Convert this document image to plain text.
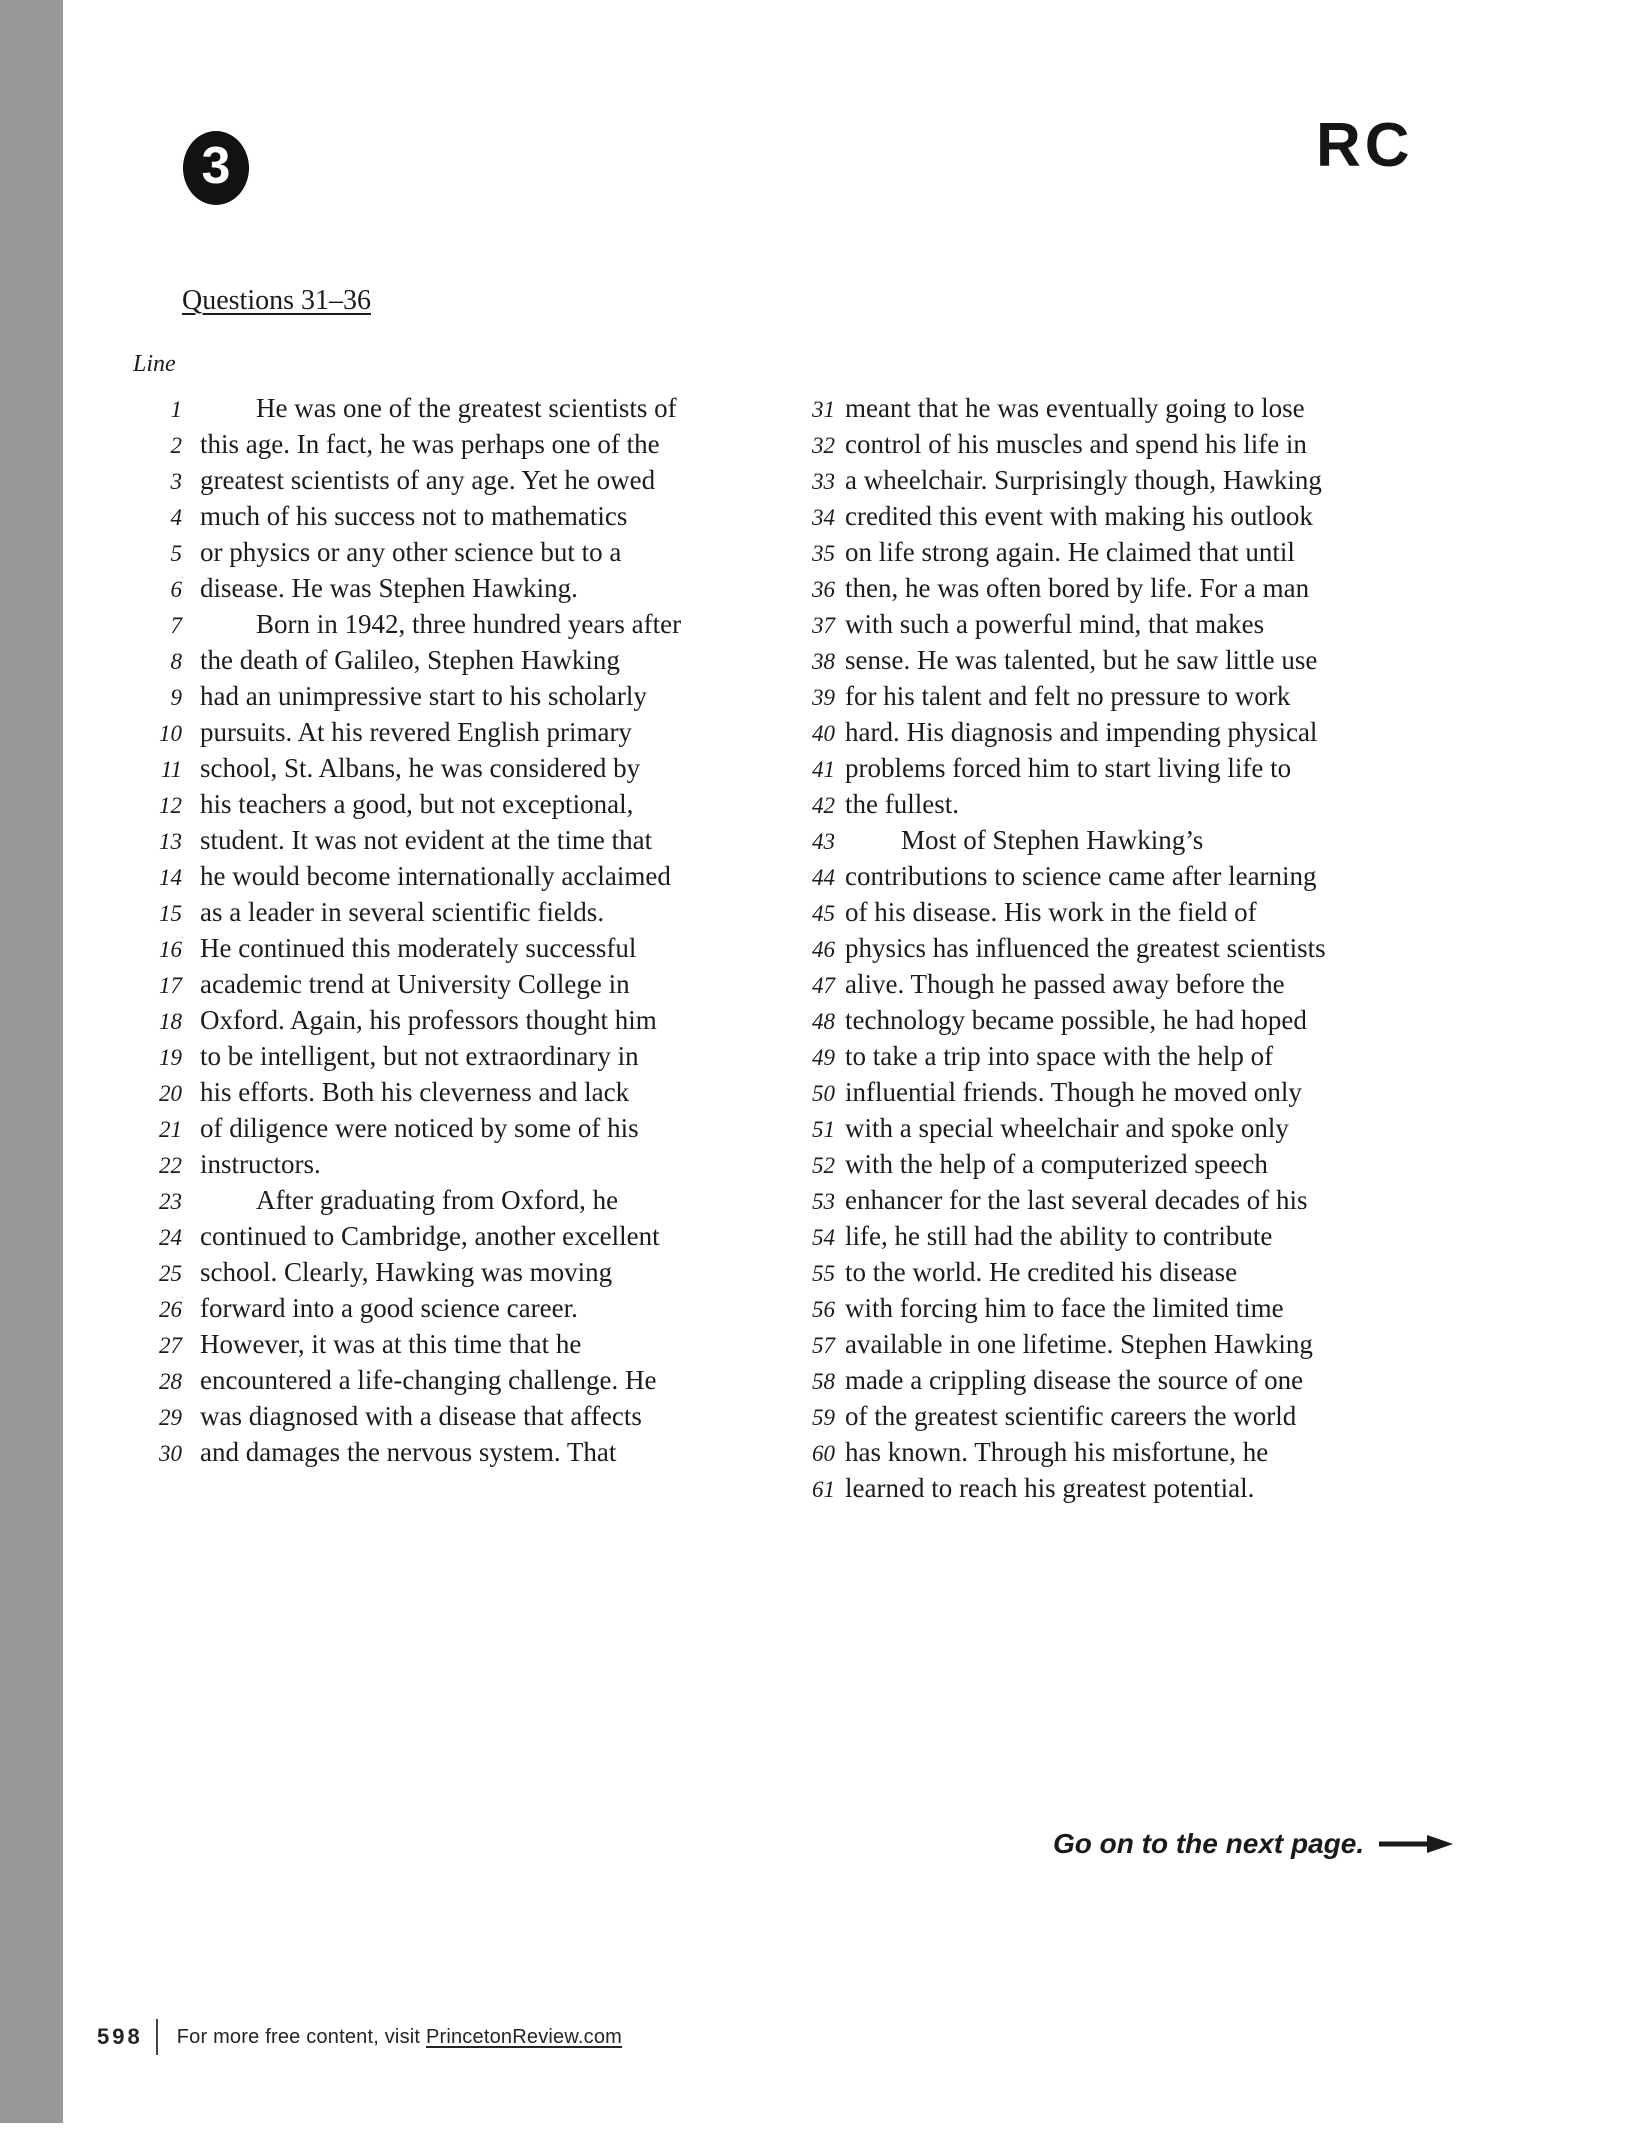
3	RC
Questions 31–36
Line
1	He was one of the greatest scientists of
2 this age. In fact, he was perhaps one of the
3 greatest scientists of any age. Yet he owed
4 much of his success not to mathematics
5 or physics or any other science but to a
6 disease. He was Stephen Hawking.
7	Born in 1942, three hundred years after
8 the death of Galileo, Stephen Hawking
9 had an unimpressive start to his scholarly
10 pursuits. At his revered English primary
11 school, St. Albans, he was considered by
12 his teachers a good, but not exceptional,
13 student. It was not evident at the time that
14 he would become internationally acclaimed
15 as a leader in several scientific fields.
16 He continued this moderately successful
17 academic trend at University College in
18 Oxford. Again, his professors thought him
19 to be intelligent, but not extraordinary in
20 his efforts. Both his cleverness and lack
21 of diligence were noticed by some of his
22 instructors.
23	After graduating from Oxford, he
24 continued to Cambridge, another excellent
25 school. Clearly, Hawking was moving
26 forward into a good science career.
27 However, it was at this time that he
28 encountered a life-changing challenge. He
29 was diagnosed with a disease that affects
30 and damages the nervous system. That
31 meant that he was eventually going to lose
32 control of his muscles and spend his life in
33 a wheelchair. Surprisingly though, Hawking
34 credited this event with making his outlook
35 on life strong again. He claimed that until
36 then, he was often bored by life. For a man
37 with such a powerful mind, that makes
38 sense. He was talented, but he saw little use
39 for his talent and felt no pressure to work
40 hard. His diagnosis and impending physical
41 problems forced him to start living life to
42 the fullest.
43	Most of Stephen Hawking’s
44 contributions to science came after learning
45 of his disease. His work in the field of
46 physics has influenced the greatest scientists
47 alive. Though he passed away before the
48 technology became possible, he had hoped
49 to take a trip into space with the help of
50 influential friends. Though he moved only
51 with a special wheelchair and spoke only
52 with the help of a computerized speech
53 enhancer for the last several decades of his
54 life, he still had the ability to contribute
55 to the world. He credited his disease
56 with forcing him to face the limited time
57 available in one lifetime. Stephen Hawking
58 made a crippling disease the source of one
59 of the greatest scientific careers the world
60 has known. Through his misfortune, he
61 learned to reach his greatest potential.
Go on to the next page.
598 For more free content, visit PrincetonReview.com
